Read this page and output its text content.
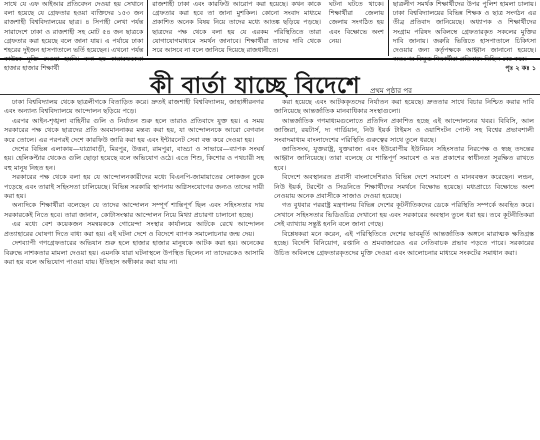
সাথে যে এফ আইআর প্রতিবেদন দেওয়া হয় সেখানে বলা হয়েছে যে গ্রেফতার হওয়া ব্যক্তিদের ১৫৩ জন রাজশাহী বিশ্ববিদ্যালয়ের ছাত্র। ৪ সিপাহী লেখা পর্যন্ত সারাদেশে ঢাকা ও রাজশাহী সহ মোট ৫৪ জন ছাত্রকে গ্রেফতার করা হয়েছে বলে জানা যায়। এ পর্যায়ে ঢাকা শহরের দুইজন হাসপাতালে ভর্তি হয়েছেন। এখনো পর্যন্ত কাউকে মুক্তি দেওয়া হয়নি। বলা হয় কারারক্ষকেরা হাজার হাজার শিক্ষার্থী

রাজশাহী ঢাকা এবং কারফিউ আরোপ করা হয়েছে। কখন কাকে গ্রেফতার করা হবে তা জানা মুশকিল। কোনো সংবাদ মাধ্যমে প্রকাশিত অনেক বিষয় নিয়ে তাদের মধ্যে আতঙ্ক ছড়িয়ে পড়ছে। ছাত্রদের পক্ষ থেকে বলা হয় যে এরকম পরিস্থিতিতে তারা যোগাযোগমাধ্যমে সমর্থন জানাবে। শিক্ষার্থীরা তাদের দাবি থেকে সরে আসবে না বলে জানিয়ে দিয়েছে রাজধানীতে।

ঘটনা ঘটতে থাকে। শিক্ষার্থীরা জেলায় জেলায় সংগঠিত হয় এবং বিক্ষোভে অংশ নেয়।

ছাত্রলীগ সমর্থক শিক্ষার্থীদের উপর পুলিশ হামলা চালায়। ঢাকা বিশ্ববিদ্যালয়ের বিভিন্ন শিক্ষক ও ছাত্র সংগঠন এর তীব্র প্রতিবাদ জানিয়েছে। অধ্যাপক ও শিক্ষার্থীদের সংগ্রাম পরিষদ অবিলম্বে গ্রেফতারকৃত সকলের মুক্তির দাবি জানায়। জরুরি ভিত্তিতে হাসপাতালে চিকিৎসা দেওয়ার জন্য কর্তৃপক্ষকে আহ্বান জানানো হয়েছে। অতঃপর বিক্ষুব্ধ শিক্ষার্থীরা প্রতিবাদে মিছিল বের করে।

পৃঃ ২ কঃ ১
কী বার্তা যাচ্ছে বিদেশে প্রথম পৃষ্ঠার পর

ঢাকা বিশ্ববিদ্যালয় থেকে ছাত্রলীগকে বিতাড়িত করে। দ্রুতই রাজশাহী বিশ্ববিদ্যালয়, জাহাঙ্গীরনগর এবং অন্যান্য বিশ্ববিদ্যালয়ে আন্দোলন ছড়িয়ে পড়ে।

এরপর আইন-শৃঙ্খলা বাহিনীর গুলি ও নির্যাতন শুরু হলে তারাও প্রতিবাদে যুক্ত হয়। এ সময় সরকারের পক্ষ থেকে ছাত্রদের প্রতি অবমাননাকর মন্তব্য করা হয়, যা আন্দোলনকে আরো বেগবান করে তোলে। এর পরপরই দেশে কারফিউ জারি করা হয় এবং ইন্টারনেট সেবা বন্ধ করে দেওয়া হয়।

দেশের বিভিন্ন এলাকায়—যাত্রাবাড়ী, মিরপুর, উত্তরা, রামপুরা, বাড্ডা ও সাভারে—ব্যাপক সংঘর্ষ হয়। হেলিকপ্টার থেকেও গুলি ছোড়া হয়েছে বলে অভিযোগ ওঠে। এতে শিশু, কিশোর ও পথচারী সহ বহু মানুষ নিহত হন।

সরকারের পক্ষ থেকে বলা হয় যে আন্দোলনকারীদের মধ্যে বিএনপি-জামায়াতের লোকজন ঢুকে পড়েছে এবং তারাই সহিংসতা চালিয়েছে। বিভিন্ন সরকারি স্থাপনায় অগ্নিসংযোগের জন্যও তাদের দায়ী করা হয়।

অন্যদিকে শিক্ষার্থীরা বলেছেন যে তাদের আন্দোলন সম্পূর্ণ শান্তিপূর্ণ ছিল এবং সহিংসতার দায় সরকারকেই নিতে হবে। তারা জানান, কোটাসংস্কার আন্দোলন নিয়ে মিথ্যা প্রচারণা চালানো হচ্ছে।

এর মধ্যে বেশ কয়েকজন সমন্বয়ককে গোয়েন্দা সংস্থার কার্যালয়ে আটকে রেখে আন্দোলন প্রত্যাহারের ঘোষণা দিতে বাধ্য করা হয়। এই ঘটনা দেশে ও বিদেশে ব্যাপক সমালোচনার জন্ম দেয়।

দেশব্যাপী গণগ্রেফতারের অভিযান শুরু হলে হাজার হাজার মানুষকে আটক করা হয়। অনেকের বিরুদ্ধে নাশকতার মামলা দেওয়া হয়। এমনকি যারা ঘটনাস্থলে উপস্থিত ছিলেন না তাদেরকেও আসামি করা হয় বলে অভিযোগ পাওয়া যায়। ইতিহাস অস্বীকার করা যায় না।

করা হয়েছে এবং আটককৃতদের নির্যাতন করা হয়েছে। দ্রুততার সাথে বিচার নিশ্চিত করার দাবি জানিয়েছে আন্তর্জাতিক মানবাধিকার সংস্থাগুলো।

আন্তর্জাতিক গণমাধ্যমগুলোতে প্রতিদিন প্রকাশিত হচ্ছে এই আন্দোলনের খবর। বিবিসি, আল জাজিরা, রয়টার্স, দ্য গার্ডিয়ান, নিউ ইয়র্ক টাইমস ও ওয়াশিংটন পোস্ট সহ বিশ্বের প্রভাবশালী সংবাদমাধ্যম বাংলাদেশের পরিস্থিতি গুরুত্বের সাথে তুলে ধরছে।

জাতিসংঘ, যুক্তরাষ্ট্র, যুক্তরাজ্য এবং ইউরোপীয় ইউনিয়ন সহিংসতার নিরপেক্ষ ও স্বচ্ছ তদন্তের আহ্বান জানিয়েছে। তারা বলেছে যে শান্তিপূর্ণ সমাবেশ ও মত প্রকাশের স্বাধীনতা সুরক্ষিত রাখতে হবে।

বিদেশে অবস্থানরত প্রবাসী বাংলাদেশিরাও বিভিন্ন দেশে সমাবেশ ও মানববন্ধন করেছেন। লন্ডন, নিউ ইয়র্ক, টরন্টো ও সিডনিতে শিক্ষার্থীদের সমর্থনে বিক্ষোভ হয়েছে। মধ্যপ্রাচ্যে বিক্ষোভে অংশ নেওয়ায় অনেক প্রবাসীকে সাজাও দেওয়া হয়েছে।

গত বুধবার পররাষ্ট্র মন্ত্রণালয় বিভিন্ন দেশের কূটনীতিকদের ডেকে পরিস্থিতি সম্পর্কে অবহিত করে। সেখানে সহিংসতার ভিডিওচিত্র দেখানো হয় এবং সরকারের অবস্থান তুলে ধরা হয়। তবে কূটনীতিকরা সেই ব্যাখ্যায় সন্তুষ্ট হননি বলে জানা গেছে।

বিশ্লেষকরা মনে করেন, এই পরিস্থিতিতে দেশের ভাবমূর্তি আন্তর্জাতিক অঙ্গনে মারাত্মক ক্ষতিগ্রস্ত হচ্ছে। বিদেশি বিনিয়োগ, রপ্তানি ও শ্রমবাজারেও এর নেতিবাচক প্রভাব পড়তে পারে। সরকারের উচিত অবিলম্বে গ্রেফতারকৃতদের মুক্তি দেওয়া এবং আলোচনার মাধ্যমে সংকটের সমাধান করা।
